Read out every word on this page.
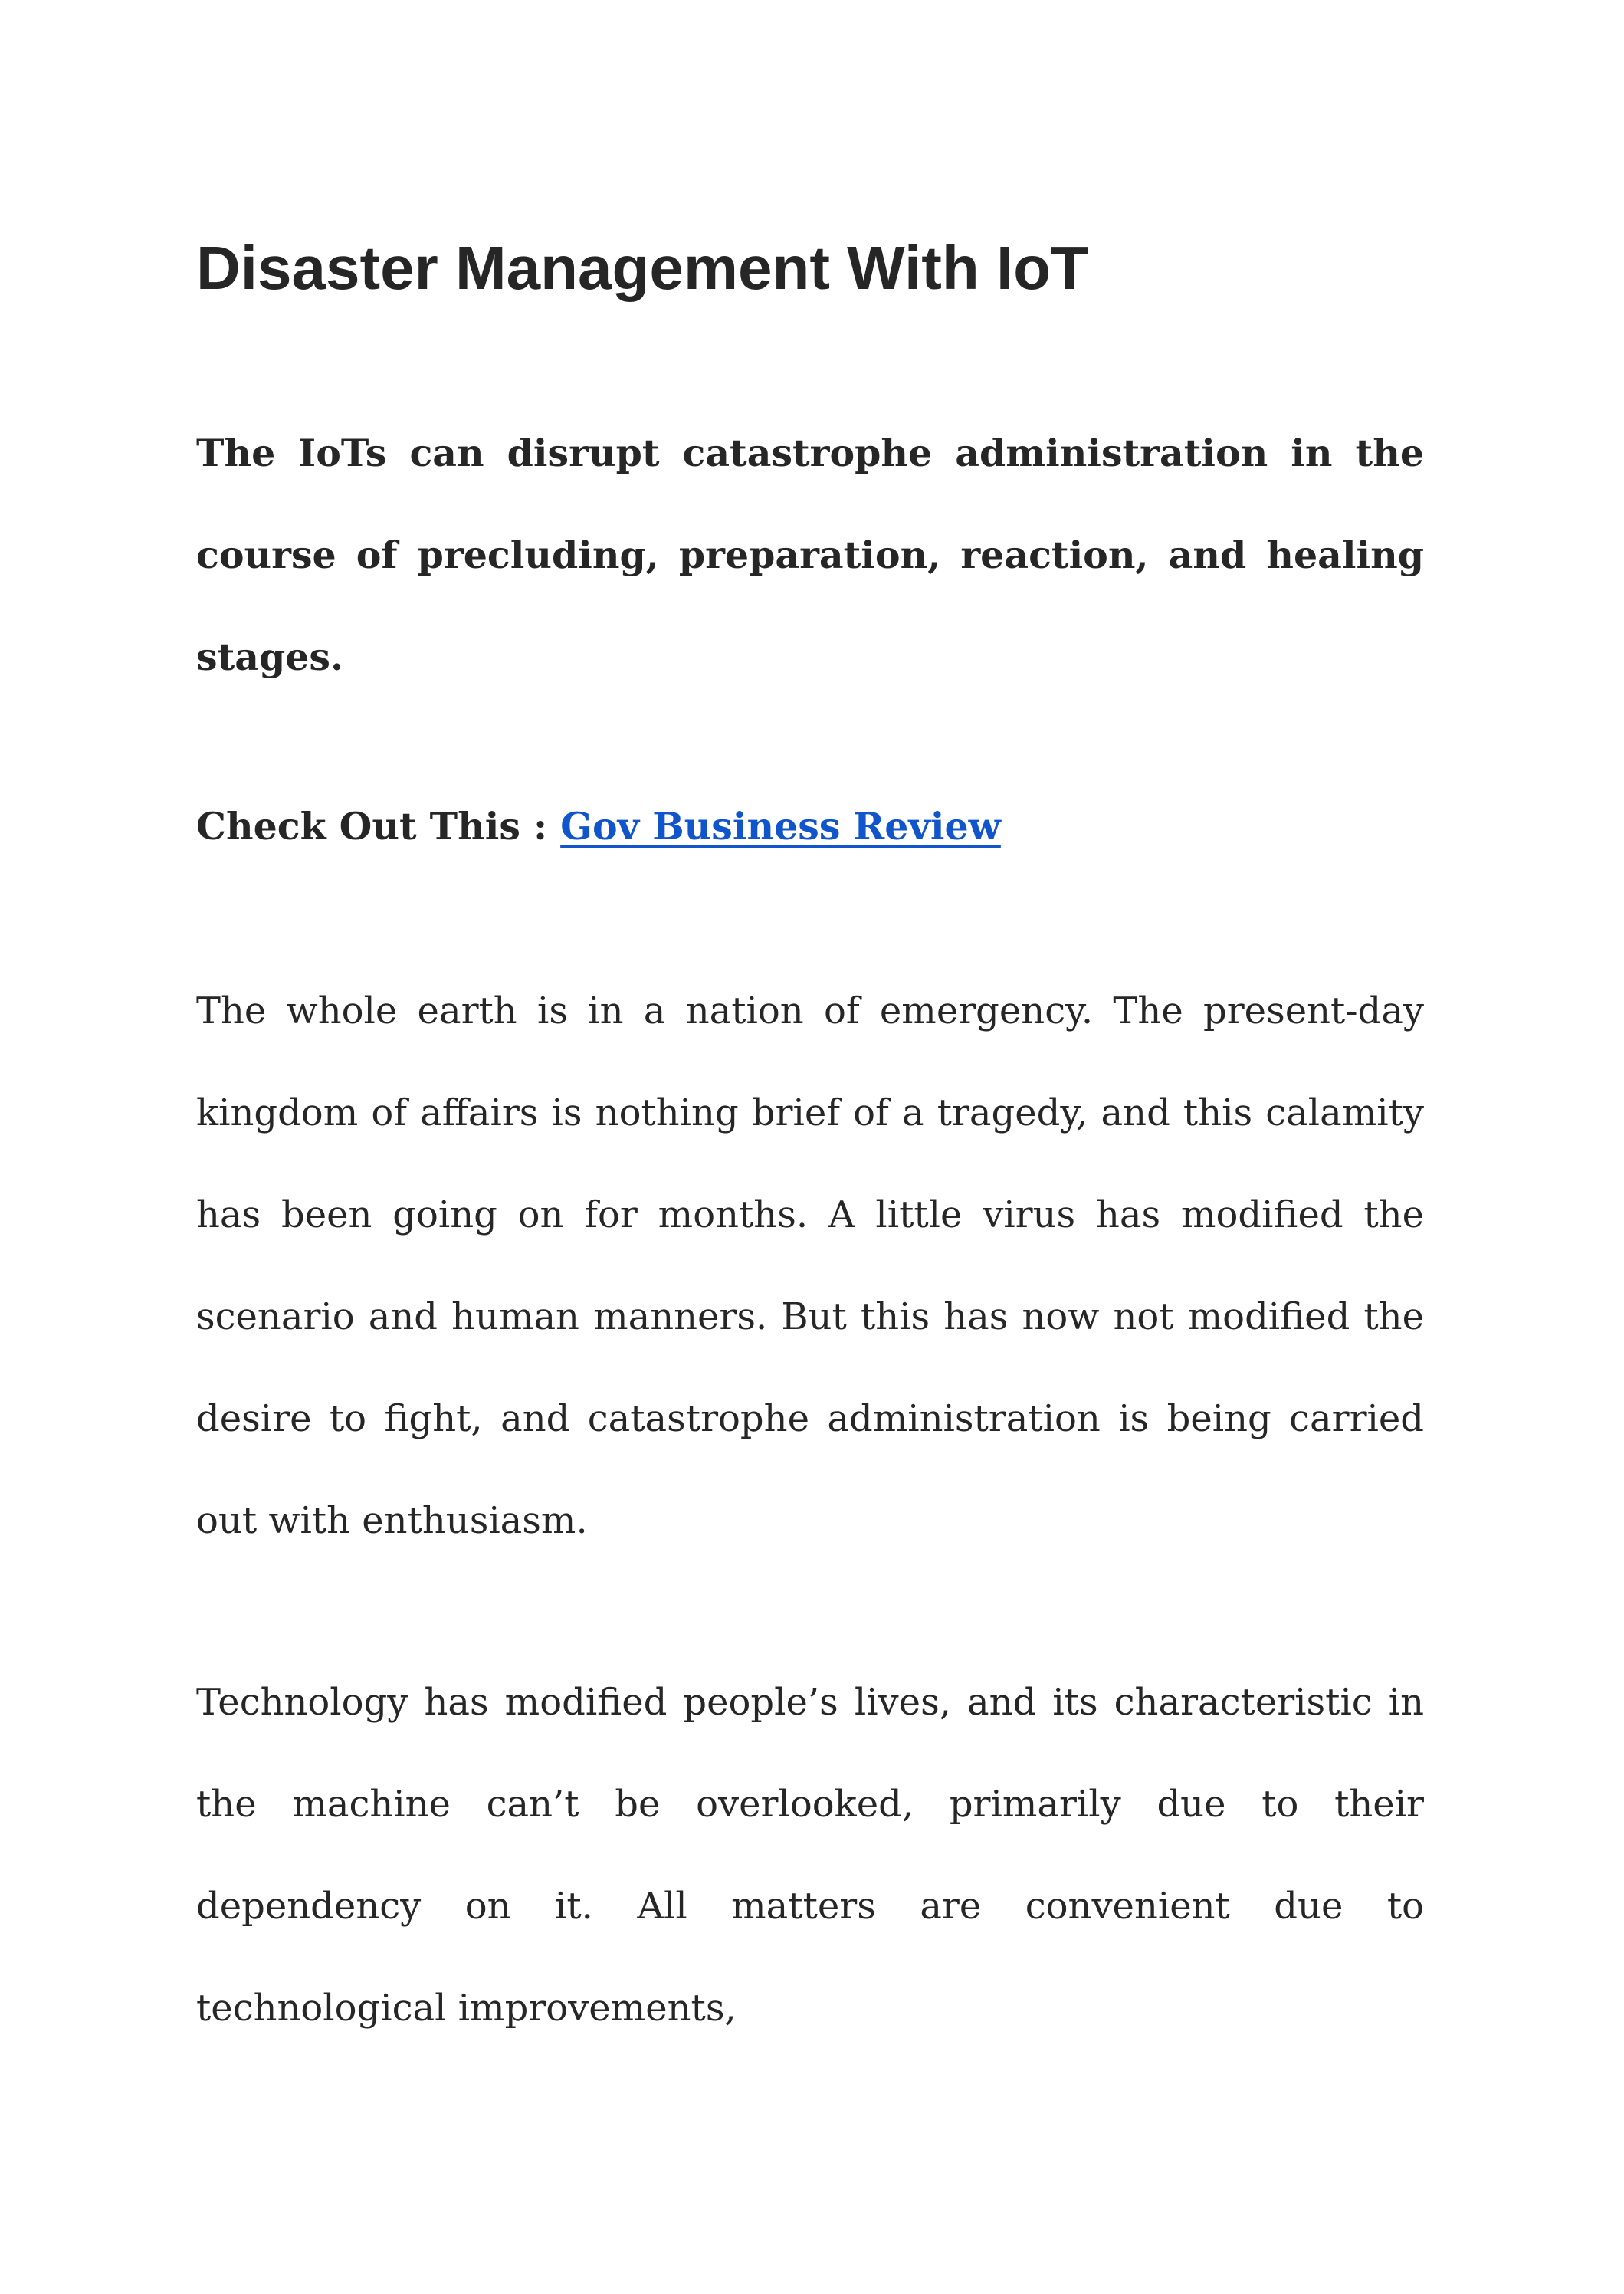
Disaster Management With IoT

The IoTs can disrupt catastrophe administration in the course of precluding, preparation, reaction, and healing stages.

Check Out This : Gov Business Review

The whole earth is in a nation of emergency. The present-day kingdom of affairs is nothing brief of a tragedy, and this calamity has been going on for months. A little virus has modified the scenario and human manners. But this has now not modified the desire to fight, and catastrophe administration is being carried out with enthusiasm.

Technology has modified people’s lives, and its characteristic in the machine can’t be overlooked, primarily due to their dependency on it. All matters are convenient due to technological improvements,
